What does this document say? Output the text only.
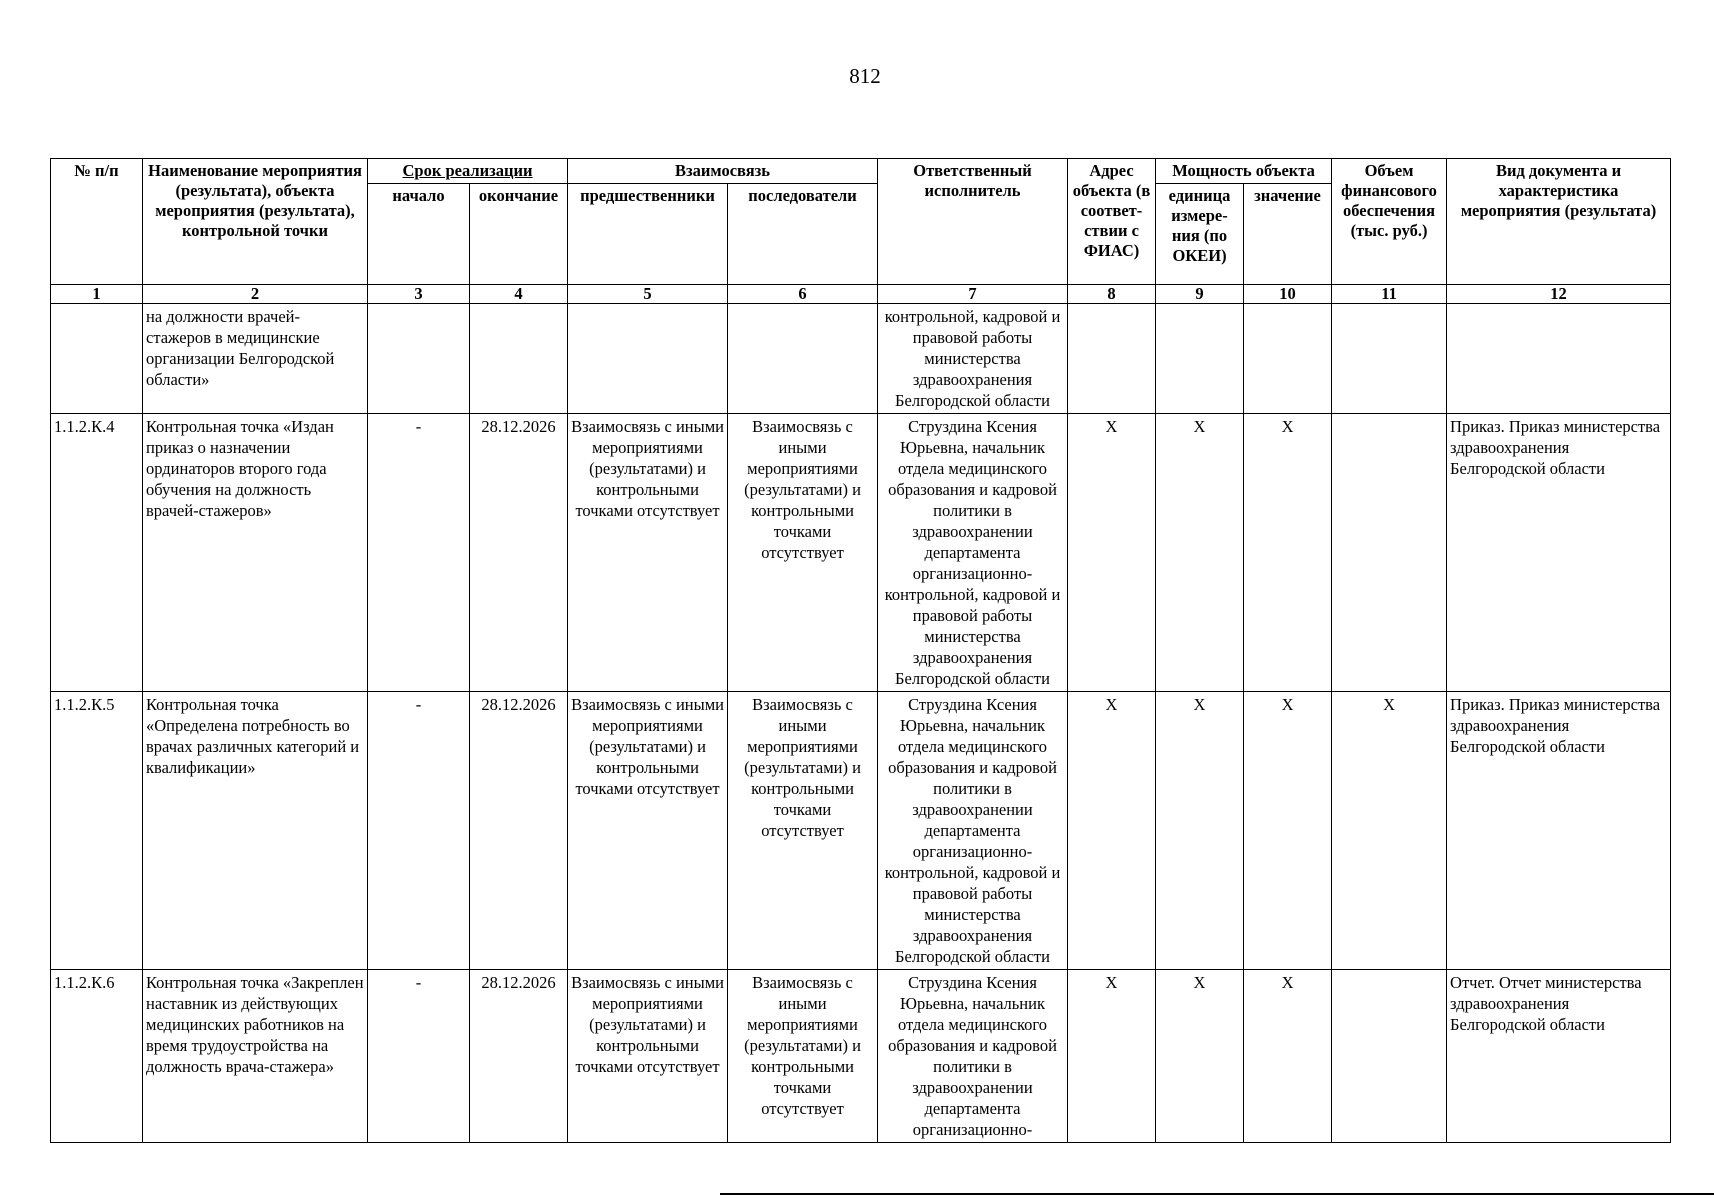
812
№ п/п	Наименование мероприятия (результата), объекта мероприятия (результата), контрольной точки	Срок реализации		Взаимосвязь		Ответственный исполнитель	Адрес объекта (в соответ-ствии с ФИАС)	Мощность объекта		Объем финансового обеспечения (тыс. руб.)	Вид документа и характеристика мероприятия (результата)
		начало	окончание	предшественники	последователи			единица измере-ния (по ОКЕИ)	значение		
1	2	3	4	5	6	7	8	9	10	11	12
	на должности врачей-стажеров в медицинские организации Белгородской области»					контрольной, кадровой и правовой работы министерства здравоохранения Белгородской области					
1.1.2.К.4	Контрольная точка «Издан приказ о назначении ординаторов второго года обучения на должность врачей-стажеров»	-	28.12.2026	Взаимосвязь с иными мероприятиями (результатами) и контрольными точками отсутствует	Взаимосвязь с иными мероприятиями (результатами) и контрольными точками отсутствует	Струздина Ксения Юрьевна, начальник отдела медицинского образования и кадровой политики в здравоохранении департамента организационно-контрольной, кадровой и правовой работы министерства здравоохранения Белгородской области	X	X	X		Приказ. Приказ министерства здравоохранения Белгородской области
1.1.2.К.5	Контрольная точка «Определена потребность во врачах различных категорий и квалификации»	-	28.12.2026	Взаимосвязь с иными мероприятиями (результатами) и контрольными точками отсутствует	Взаимосвязь с иными мероприятиями (результатами) и контрольными точками отсутствует	Струздина Ксения Юрьевна, начальник отдела медицинского образования и кадровой политики в здравоохранении департамента организационно-контрольной, кадровой и правовой работы министерства здравоохранения Белгородской области	X	X	X	X	Приказ. Приказ министерства здравоохранения Белгородской области
1.1.2.К.6	Контрольная точка «Закреплен наставник из действующих медицинских работников на время трудоустройства на должность врача-стажера»	-	28.12.2026	Взаимосвязь с иными мероприятиями (результатами) и контрольными точками отсутствует	Взаимосвязь с иными мероприятиями (результатами) и контрольными точками отсутствует	Струздина Ксения Юрьевна, начальник отдела медицинского образования и кадровой политики в здравоохранении департамента организационно-	X	X	X		Отчет. Отчет министерства здравоохранения Белгородской области
